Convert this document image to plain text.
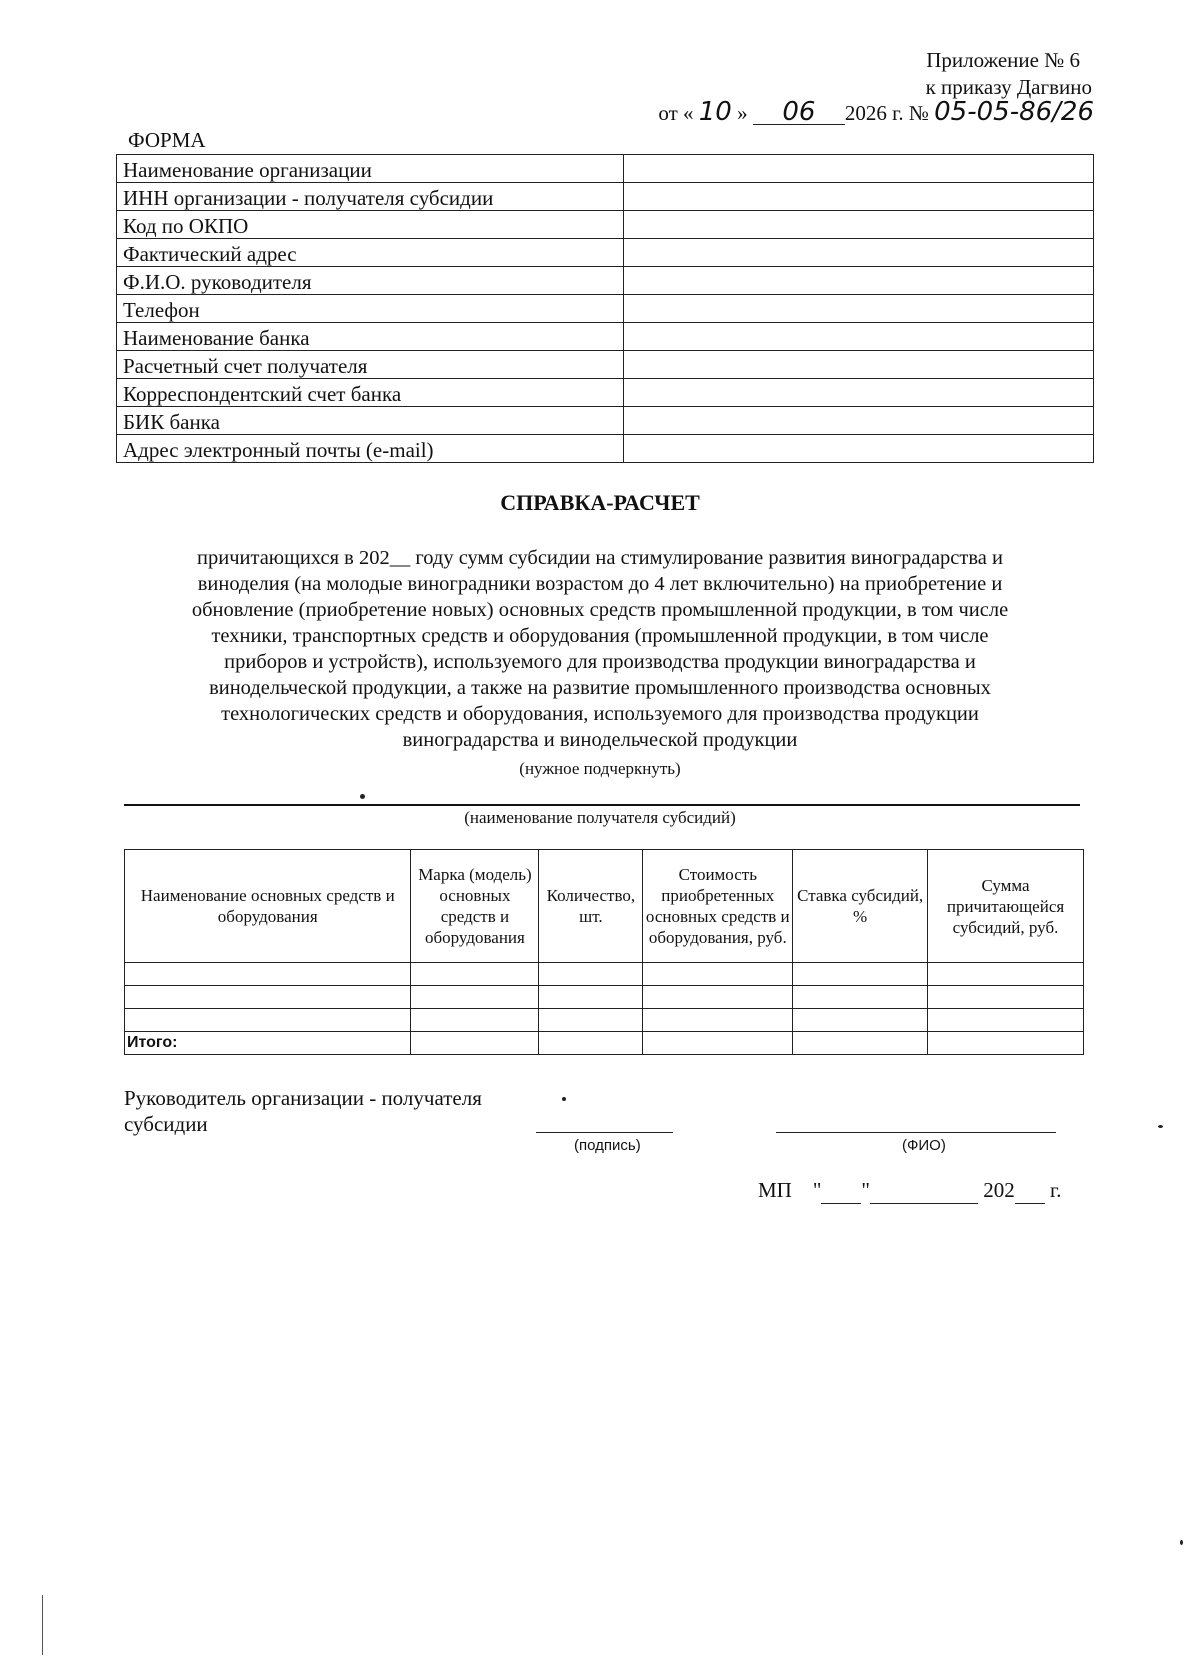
Приложение № 6
к приказу Дагвино
от « 10 » 06 2026 г. № 05-05-86/26
ФОРМА
Наименование организации	
ИНН организации - получателя субсидии	
Код по ОКПО	
Фактический адрес	
Ф.И.О. руководителя	
Телефон	
Наименование банка	
Расчетный счет получателя	
Корреспондентский счет банка	
БИК банка	
Адрес электронный почты (e-mail)	
СПРАВКА-РАСЧЕТ

причитающихся в 202__ году сумм субсидии на стимулирование развития виноградарства и

виноделия (на молодые виноградники возрастом до 4 лет включительно) на приобретение и

обновление (приобретение новых) основных средств промышленной продукции, в том числе

техники, транспортных средств и оборудования (промышленной продукции, в том числе

приборов и устройств), используемого для производства продукции виноградарства и

винодельческой продукции, а также на развитие промышленного производства основных

технологических средств и оборудования, используемого для производства продукции

виноградарства и винодельческой продукции

(нужное подчеркнуть)
(наименование получателя субсидий)
Наименование основных средств и оборудования	Марка (модель) основных средств и оборудования	Количество, шт.	Стоимость приобретенных основных средств и оборудования, руб.	Ставка субсидий, %	Сумма причитающейся субсидий, руб.

Итого:					
Руководитель организации - получателя субсидии
(подпись)	(ФИО)
МП " "	202 г.
